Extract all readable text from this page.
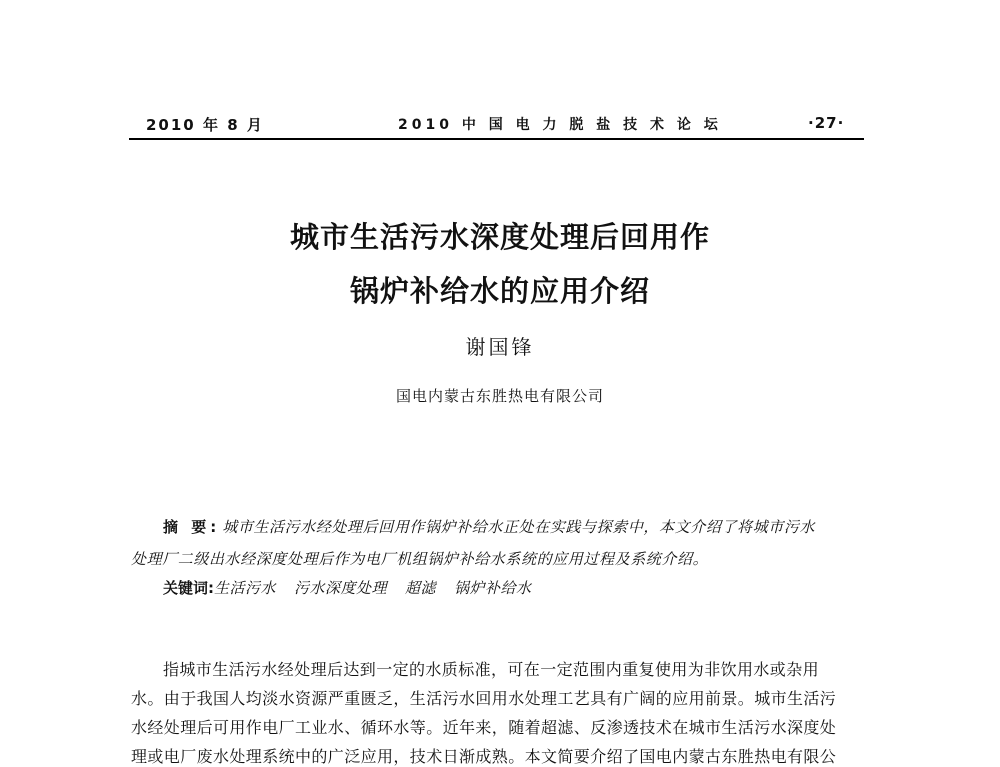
2010 年 8 月	2010 中 国 电 力 脱 盐 技 术 论 坛	·27·
城市生活污水深度处理后回用作
锅炉补给水的应用介绍
谢国锋
国电内蒙古东胜热电有限公司
摘 要: 城市生活污水经处理后回用作锅炉补给水正处在实践与探索中，本文介绍了将城市污水
处理厂二级出水经深度处理后作为电厂机组锅炉补给水系统的应用过程及系统介绍。
关键词:生活污水 污水深度处理 超滤 锅炉补给水
指城市生活污水经处理后达到一定的水质标准，可在一定范围内重复使用为非饮用水或杂用
水。由于我国人均淡水资源严重匮乏，生活污水回用水处理工艺具有广阔的应用前景。城市生活污
水经处理后可用作电厂工业水、循环水等。近年来，随着超滤、反渗透技术在城市生活污水深度处
理或电厂废水处理系统中的广泛应用，技术日渐成熟。本文简要介绍了国电内蒙古东胜热电有限公
